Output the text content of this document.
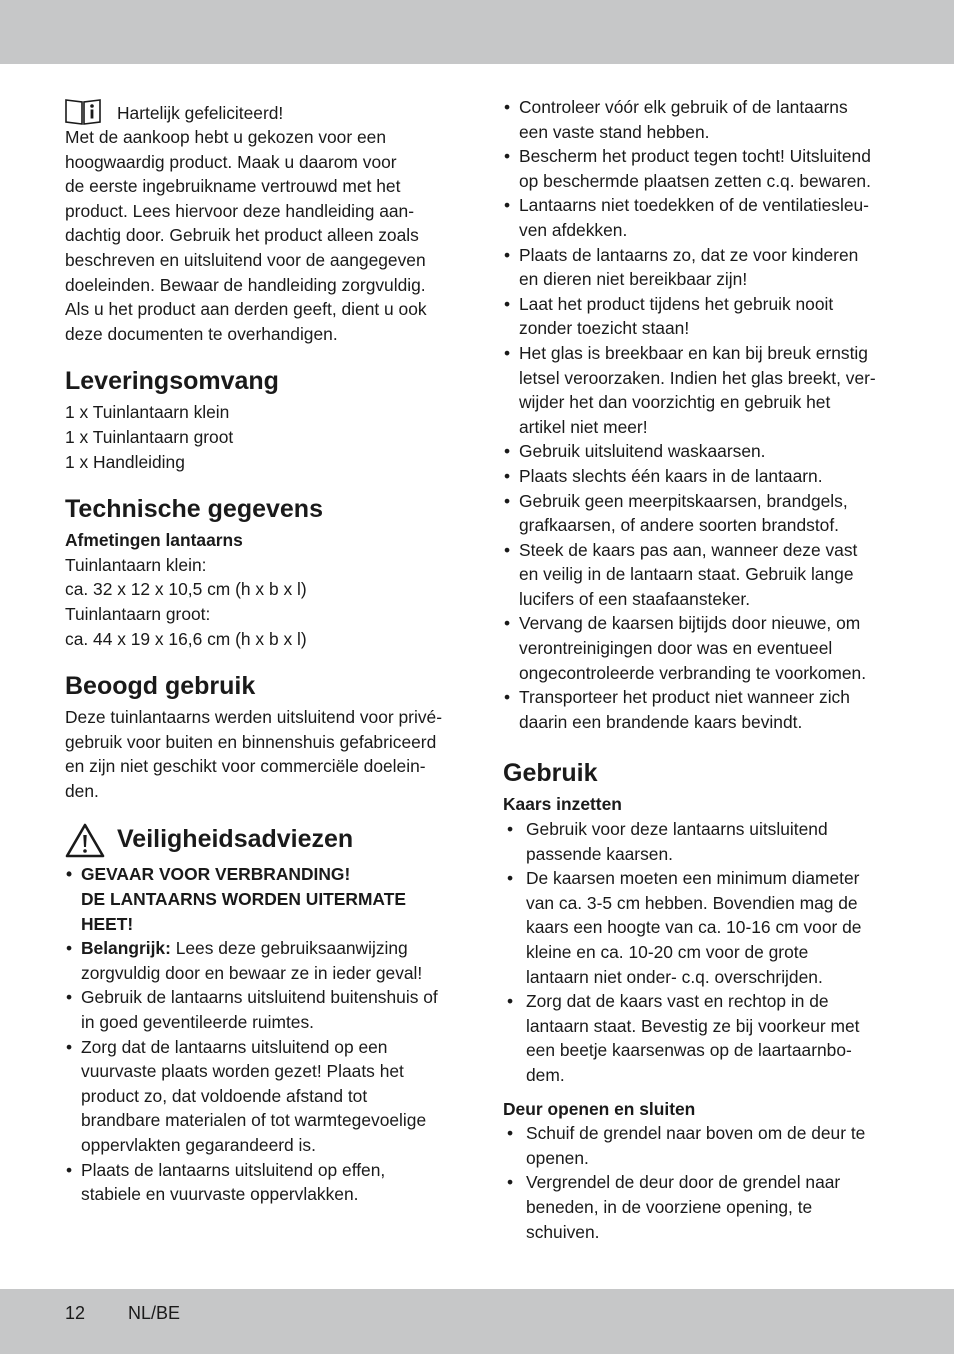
Hartelijk gefeliciteerd!

Met de aankoop hebt u gekozen voor een

hoogwaardig product. Maak u daarom voor

de eerste ingebruikname vertrouwd met het

product. Lees hiervoor deze handleiding aan-

dachtig door. Gebruik het product alleen zoals

beschreven en uitsluitend voor de aangegeven

doeleinden. Bewaar de handleiding zorgvuldig.

Als u het product aan derden geeft, dient u ook

deze documenten te overhandigen.

Leveringsomvang

1 x Tuinlantaarn klein

1 x Tuinlantaarn groot

1 x Handleiding

Technische gegevens
Afmetingen lantaarns

Tuinlantaarn klein:

ca. 32 x 12 x 10,5 cm (h x b x l)

Tuinlantaarn groot:

ca. 44 x 19 x 16,6 cm (h x b x l)

Beoogd gebruik

Deze tuinlantaarns werden uitsluitend voor privé-

gebruik voor buiten en binnenshuis gefabriceerd

en zijn niet geschikt voor commerciële doelein-

den.

Veiligheidsadviezen
• GEVAAR VOOR VERBRANDING!
DE LANTAARNS WORDEN UITERMATE
HEET!
• Belangrijk: Lees deze gebruiksaanwijzing
zorgvuldig door en bewaar ze in ieder geval!
• Gebruik de lantaarns uitsluitend buitenshuis of
in goed geventileerde ruimtes.
• Zorg dat de lantaarns uitsluitend op een
vuurvaste plaats worden gezet! Plaats het
product zo, dat voldoende afstand tot
brandbare materialen of tot warmtegevoelige
oppervlakten gegarandeerd is.
• Plaats de lantaarns uitsluitend op effen,
stabiele en vuurvaste oppervlakken.
• Controleer vóór elk gebruik of de lantaarns
een vaste stand hebben.
• Bescherm het product tegen tocht! Uitsluitend
op beschermde plaatsen zetten c.q. bewaren.
• Lantaarns niet toedekken of de ventilatiesleu-
ven afdekken.
• Plaats de lantaarns zo, dat ze voor kinderen
en dieren niet bereikbaar zijn!
• Laat het product tijdens het gebruik nooit
zonder toezicht staan!
• Het glas is breekbaar en kan bij breuk ernstig
letsel veroorzaken. Indien het glas breekt, ver-
wijder het dan voorzichtig en gebruik het
artikel niet meer!
• Gebruik uitsluitend waskaarsen.
• Plaats slechts één kaars in de lantaarn.
• Gebruik geen meerpitskaarsen, brandgels,
grafkaarsen, of andere soorten brandstof.
• Steek de kaars pas aan, wanneer deze vast
en veilig in de lantaarn staat. Gebruik lange
lucifers of een staafaansteker.
• Vervang de kaarsen bijtijds door nieuwe, om
verontreinigingen door was en eventueel
ongecontroleerde verbranding te voorkomen.
• Transporteer het product niet wanneer zich
daarin een brandende kaars bevindt.
Gebruik
Kaars inzetten
• Gebruik voor deze lantaarns uitsluitend
passende kaarsen.
• De kaarsen moeten een minimum diameter
van ca. 3-5 cm hebben. Bovendien mag de
kaars een hoogte van ca. 10-16 cm voor de
kleine en ca. 10-20 cm voor de grote
lantaarn niet onder- c.q. overschrijden.
• Zorg dat de kaars vast en rechtop in de
lantaarn staat. Bevestig ze bij voorkeur met
een beetje kaarsenwas op de laartaarnbo-
dem.
Deur openen en sluiten
• Schuif de grendel naar boven om de deur te
openen.
• Vergrendel de deur door de grendel naar
beneden, in de voorziene opening, te
schuiven.
12 NL/BE
